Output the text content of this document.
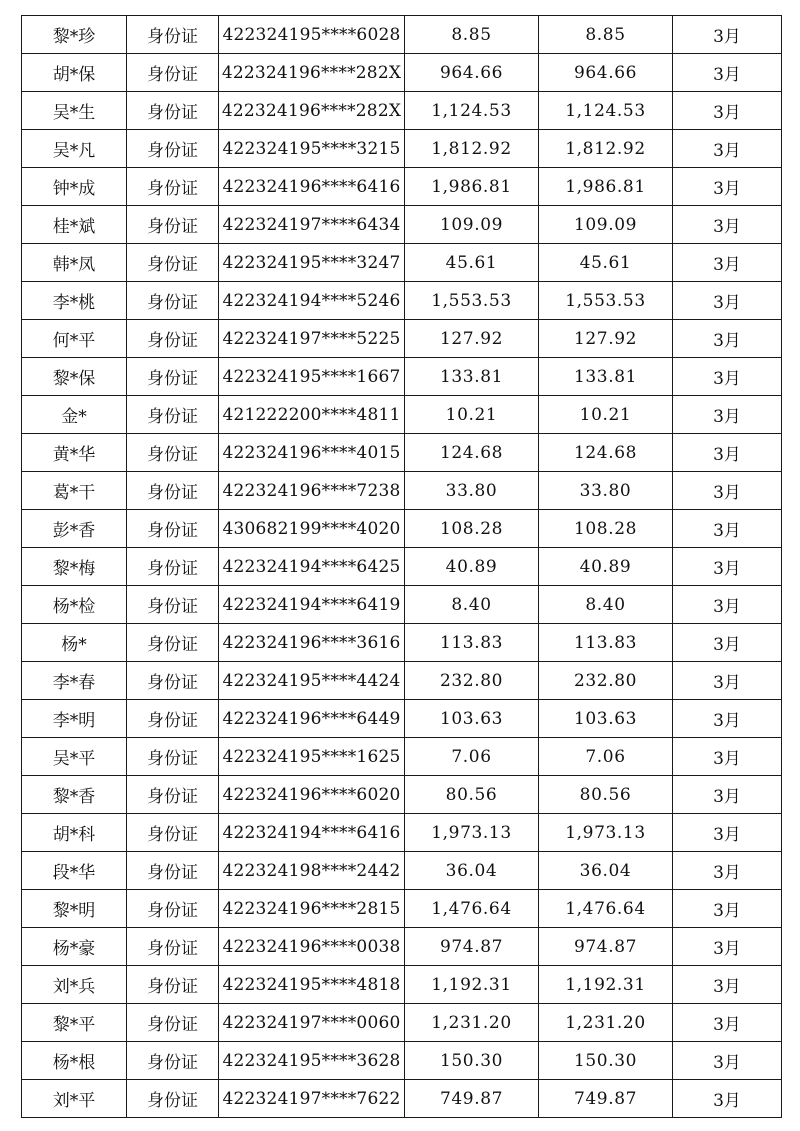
黎*珍	身份证	422324195****6028	8.85	8.85	3月
胡*保	身份证	422324196****282X	964.66	964.66	3月
吴*生	身份证	422324196****282X	1,124.53	1,124.53	3月
吴*凡	身份证	422324195****3215	1,812.92	1,812.92	3月
钟*成	身份证	422324196****6416	1,986.81	1,986.81	3月
桂*斌	身份证	422324197****6434	109.09	109.09	3月
韩*凤	身份证	422324195****3247	45.61	45.61	3月
李*桃	身份证	422324194****5246	1,553.53	1,553.53	3月
何*平	身份证	422324197****5225	127.92	127.92	3月
黎*保	身份证	422324195****1667	133.81	133.81	3月
金*	身份证	421222200****4811	10.21	10.21	3月
黄*华	身份证	422324196****4015	124.68	124.68	3月
葛*干	身份证	422324196****7238	33.80	33.80	3月
彭*香	身份证	430682199****4020	108.28	108.28	3月
黎*梅	身份证	422324194****6425	40.89	40.89	3月
杨*检	身份证	422324194****6419	8.40	8.40	3月
杨*	身份证	422324196****3616	113.83	113.83	3月
李*春	身份证	422324195****4424	232.80	232.80	3月
李*明	身份证	422324196****6449	103.63	103.63	3月
吴*平	身份证	422324195****1625	7.06	7.06	3月
黎*香	身份证	422324196****6020	80.56	80.56	3月
胡*科	身份证	422324194****6416	1,973.13	1,973.13	3月
段*华	身份证	422324198****2442	36.04	36.04	3月
黎*明	身份证	422324196****2815	1,476.64	1,476.64	3月
杨*豪	身份证	422324196****0038	974.87	974.87	3月
刘*兵	身份证	422324195****4818	1,192.31	1,192.31	3月
黎*平	身份证	422324197****0060	1,231.20	1,231.20	3月
杨*根	身份证	422324195****3628	150.30	150.30	3月
刘*平	身份证	422324197****7622	749.87	749.87	3月
